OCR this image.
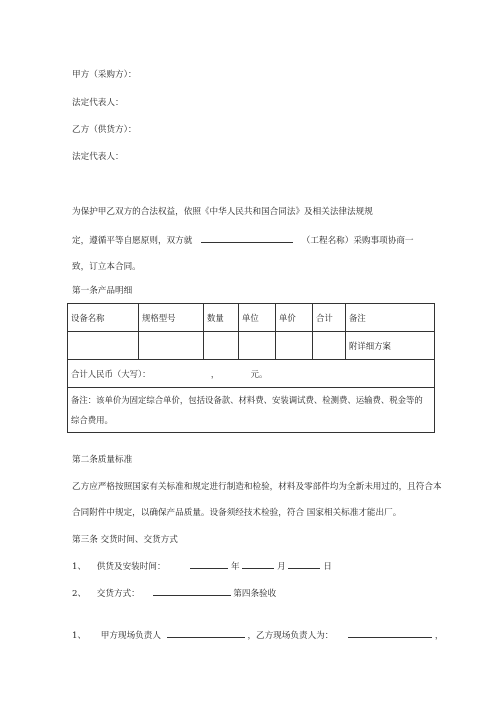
甲方（采购方）：
法定代表人：
乙方（供货方）：
法定代表人：
为保护甲乙双方的合法权益，依照《中华人民共和国合同法》及相关法律法规规
定，遵循平等自愿原则，双方就	（工程名称）采购事项协商一
致，订立本合同。
第一条产品明细
设备名称	规格型号	数量	单位	单价	合计	备注
						附详细方案
合计人民币（大写）： ， 元。						
备注：该单价为固定综合单价，包括设备款、材料费、安装调试费、检测费、运输费、税金等的综合费用。						
第二条质量标准
乙方应严格按照国家有关标准和规定进行制造和检验，材料及零部件均为全新未用过的，且符合本
合同附件中规定，以确保产品质量。设备须经技术检验，符合 国家相关标准才能出厂。
第三条 交货时间、交货方式
1、 供货及安装时间：	年	月	日
2、 交货方式：	第四条验收
1、 甲方现场负责人	，乙方现场负责人为：	，
